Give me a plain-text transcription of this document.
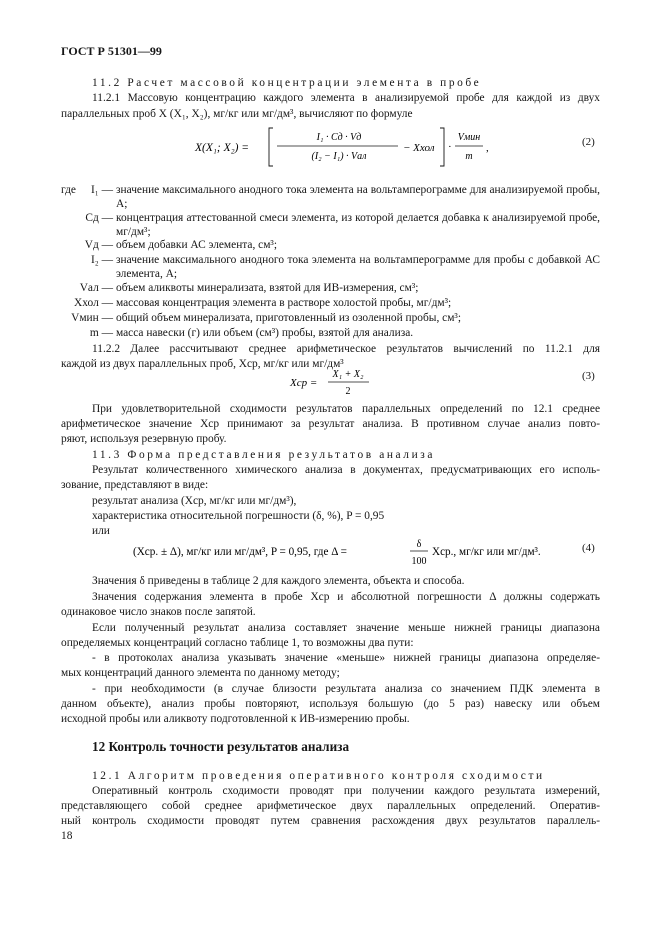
ГОСТ Р 51301—99
11.2 Расчет массовой концентрации элемента в пробе
11.2.1 Массовую концентрацию каждого элемента в анализируемой пробе для каждой из двух
параллельных проб X (X₁, X₂), мг/кг или мг/дм³, вычисляют по формуле
X(X₁; X₂) =
I₁ · Cд · Vд
(I₂ − I₁) · Vал
− Xхол ·
Vмин
m
,	(2)
где	I₁ — значение максимального анодного тока элемента на вольтамперограмме для анализируемой пробы, А;
Cд — концентрация аттестованной смеси элемента, из которой делается добавка к анализируемой пробе, мг/дм³;
Vд — объем добавки АС элемента, см³;
I₂ — значение максимального анодного тока элемента на вольтамперограмме для пробы с добавкой АС элемента, А;
Vал — объем аликвоты минерализата, взятой для ИВ-измерения, см³;
Xхол — массовая концентрация элемента в растворе холостой пробы, мг/дм³;
Vмин — общий объем минерализата, приготовленный из озоленной пробы, см³;
m — масса навески (г) или объем (см³) пробы, взятой для анализа.
11.2.2 Далее рассчитывают среднее арифметическое результатов вычислений по 11.2.1 для
каждой из двух параллельных проб, Xср, мг/кг или мг/дм³
Xср =
X₁ + X₂
2
(3)
При удовлетворительной сходимости результатов параллельных определений по 12.1 среднее
арифметическое значение Xср принимают за результат анализа. В противном случае анализ повто-
ряют, используя резервную пробу.
11.3 Форма представления результатов анализа
Результат количественного химического анализа в документах, предусматривающих его исполь-
зование, представляют в виде:
результат анализа (Xср, мг/кг или мг/дм³),
характеристика относительной погрешности (δ, %), P = 0,95
или
(Xср. ± Δ), мг/кг или мг/дм³, P = 0,95, где Δ =
δ
100
Xср., мг/кг или мг/дм³.	(4)
Значения δ приведены в таблице 2 для каждого элемента, объекта и способа.
Значения содержания элемента в пробе Xср и абсолютной погрешности Δ должны содержать
одинаковое число знаков после запятой.
Если полученный результат анализа составляет значение меньше нижней границы диапазона
определяемых концентраций согласно таблице 1, то возможны два пути:
- в протоколах анализа указывать значение «меньше» нижней границы диапазона определяе-
мых концентраций данного элемента по данному методу;
- при необходимости (в случае близости результата анализа со значением ПДК элемента в
данном объекте), анализ пробы повторяют, используя большую (до 5 раз) навеску или объем
исходной пробы или аликвоту подготовленной к ИВ-измерению пробы.
12 Контроль точности результатов анализа
12.1 Алгоритм проведения оперативного контроля сходимости
Оперативный контроль сходимости проводят при получении каждого результата измерений,
представляющего собой среднее арифметическое двух параллельных определений. Оператив-
ный контроль сходимости проводят путем сравнения расхождения двух результатов параллель-
18
